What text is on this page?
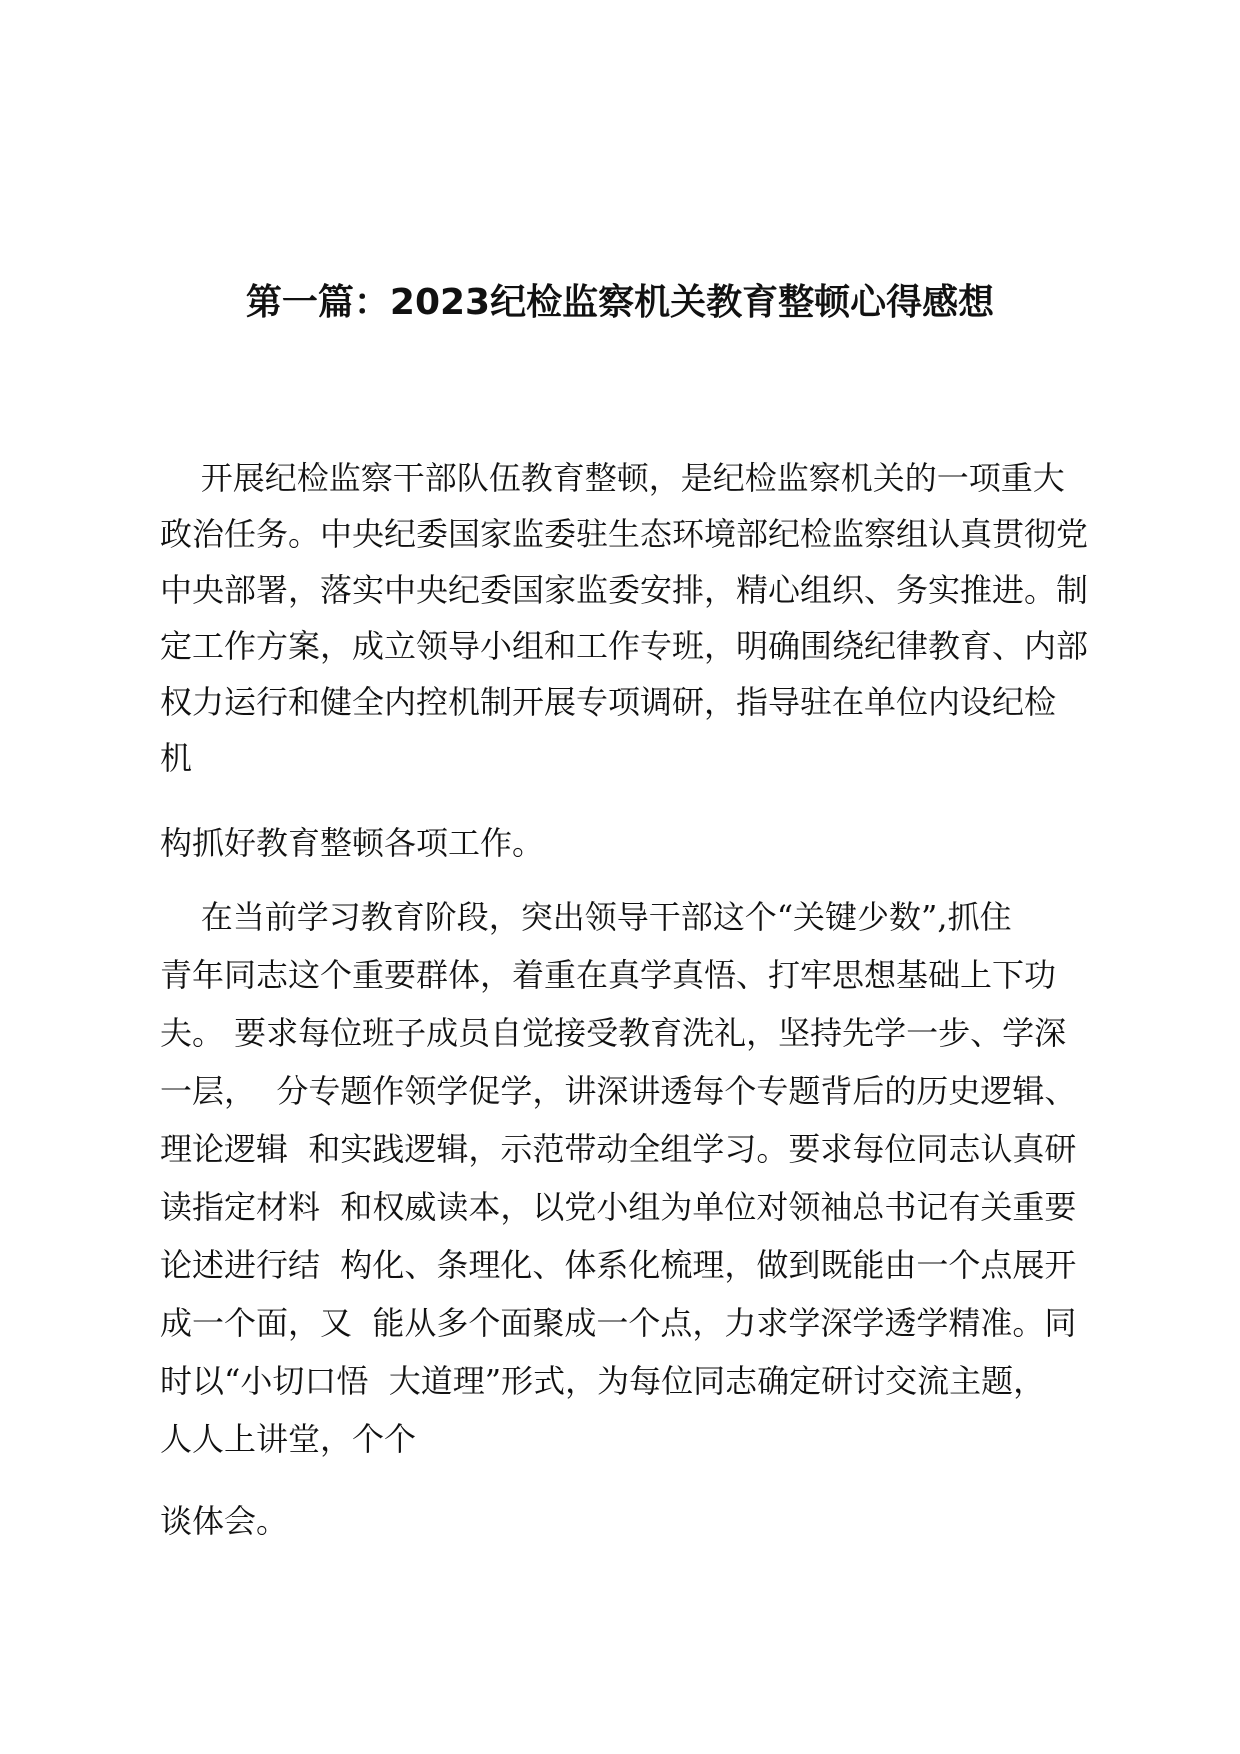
第一篇：2023纪检监察机关教育整顿心得感想
开展纪检监察干部队伍教育整顿，是纪检监察机关的一项重大
政治任务。中央纪委国家监委驻生态环境部纪检监察组认真贯彻党
中央部署，落实中央纪委国家监委安排，精心组织、务实推进。制
定工作方案，成立领导小组和工作专班，明确围绕纪律教育、内部
权力运行和健全内控机制开展专项调研，指导驻在单位内设纪检
机
构抓好教育整顿各项工作。
在当前学习教育阶段，突出领导干部这个“关键少数”,抓住
青年同志这个重要群体，着重在真学真悟、打牢思想基础上下功
夫。 要求每位班子成员自觉接受教育洗礼，坚持先学一步、学深
一层，  分专题作领学促学，讲深讲透每个专题背后的历史逻辑、
理论逻辑  和实践逻辑，示范带动全组学习。要求每位同志认真研
读指定材料  和权威读本，以党小组为单位对领袖总书记有关重要
论述进行结  构化、条理化、体系化梳理，做到既能由一个点展开
成一个面，又  能从多个面聚成一个点，力求学深学透学精准。同
时以“小切口悟  大道理”形式，为每位同志确定研讨交流主题，
人人上讲堂，个个
谈体会。
